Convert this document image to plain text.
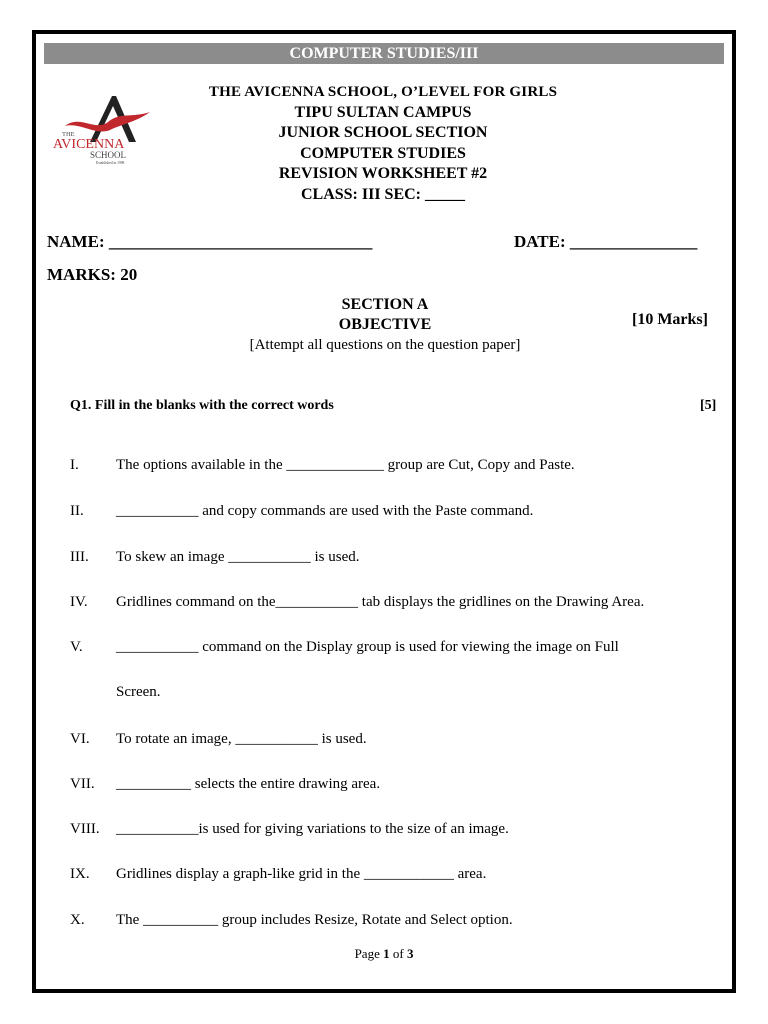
COMPUTER STUDIES/III
THE
AVICENNA
SCHOOL
Established in 1998
THE AVICENNA SCHOOL, O’LEVEL FOR GIRLS
TIPU SULTAN CAMPUS
JUNIOR SCHOOL SECTION
COMPUTER STUDIES
REVISION WORKSHEET #2
CLASS: III SEC: _____
NAME: _______________________________	DATE: _______________
MARKS: 20
SECTION A
OBJECTIVE	[10 Marks]
[Attempt all questions on the question paper]
Q1. Fill in the blanks with the correct words	[5]
I.	The options available in the _____________ group are Cut, Copy and Paste.
II.	___________ and copy commands are used with the Paste command.
III.	To skew an image ___________ is used.
IV.	Gridlines command on the___________ tab displays the gridlines on the Drawing Area.
V.	___________ command on the Display group is used for viewing the image on Full
Screen.
VI.	To rotate an image, ___________ is used.
VII.	__________ selects the entire drawing area.
VIII.	___________is used for giving variations to the size of an image.
IX.	Gridlines display a graph-like grid in the ____________ area.
X.	The __________ group includes Resize, Rotate and Select option.
Page 1 of 3
